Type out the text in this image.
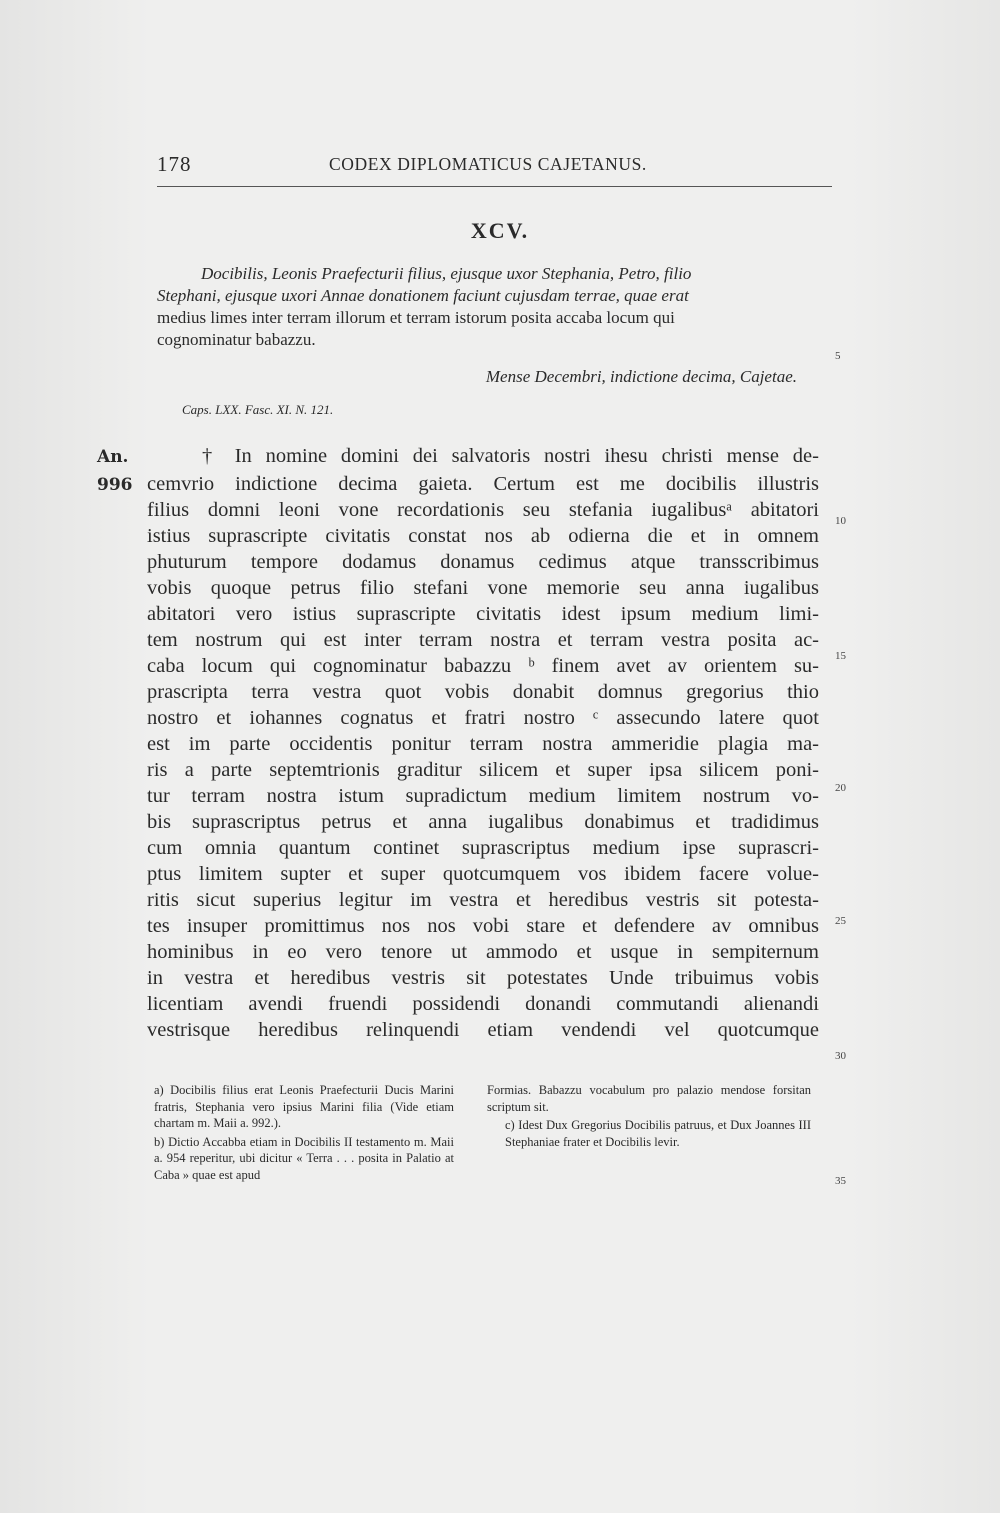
178	CODEX DIPLOMATICUS CAJETANUS.
XCV.
Docibilis, Leonis Praefecturii filius, ejusque uxor Stephania, Petro, filio
Stephani, ejusque uxori Annae donationem faciunt cujusdam terrae, quae erat
medius limes inter terram illorum et terram istorum posita accaba locum qui
cognominatur babazzu.
Mense Decembri, indictione decima, Cajetae.
Caps. LXX. Fasc. XI. N. 121.
An.
996
† In nomine domini dei salvatoris nostri ihesu christi mense de-
cemvrio indictione decima gaieta. Certum est me docibilis illustris
filius domni leoni vone recordationis seu stefania iugalibusᵃ abitatori
istius suprascripte civitatis constat nos ab odierna die et in omnem
phuturum tempore dodamus donamus cedimus atque transscribimus
vobis quoque petrus filio stefani vone memorie seu anna iugalibus
abitatori vero istius suprascripte civitatis idest ipsum medium limi-
tem nostrum qui est inter terram nostra et terram vestra posita ac-
caba locum qui cognominatur babazzu ᵇ finem avet av orientem su-
prascripta terra vestra quot vobis donabit domnus gregorius thio
nostro et iohannes cognatus et fratri nostro ᶜ assecundo latere quot
est im parte occidentis ponitur terram nostra ammeridie plagia ma-
ris a parte septemtrionis graditur silicem et super ipsa silicem poni-
tur terram nostra istum supradictum medium limitem nostrum vo-
bis suprascriptus petrus et anna iugalibus donabimus et tradidimus
cum omnia quantum continet suprascriptus medium ipse suprascri-
ptus limitem supter et super quotcumquem vos ibidem facere volue-
ritis sicut superius legitur im vestra et heredibus vestris sit potesta-
tes insuper promittimus nos nos vobi stare et defendere av omnibus
hominibus in eo vero tenore ut ammodo et usque in sempiternum
in vestra et heredibus vestris sit potestates Unde tribuimus vobis
licentiam avendi fruendi possidendi donandi commutandi alienandi
vestrisque heredibus relinquendi etiam vendendi vel quotcumque
5
10
15
20
25
30
35

a) Docibilis filius erat Leonis Praefecturii Ducis Marini fratris, Stephania vero ipsius Marini filia (Vide etiam chartam m. Maii a. 992.).

b) Dictio Accabba etiam in Docibilis II testamento m. Maii a. 954 reperitur, ubi dicitur « Terra . . . posita in Palatio at Caba » quae est apud

Formias. Babazzu vocabulum pro palazio mendose forsitan scriptum sit.

c) Idest Dux Gregorius Docibilis patruus, et Dux Joannes III Stephaniae frater et Docibilis levir.
